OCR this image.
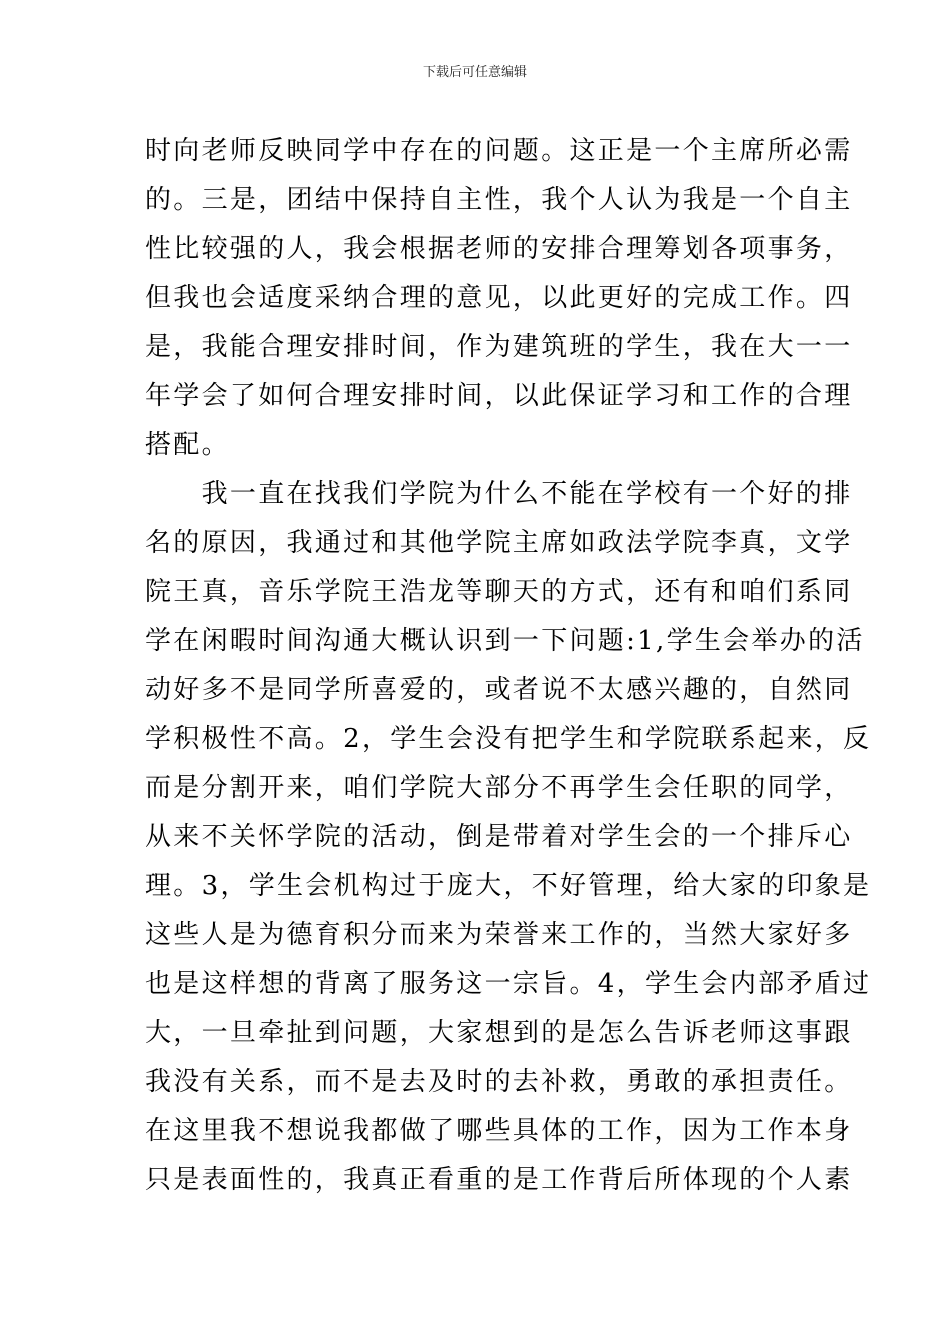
下载后可任意编辑
时向老师反映同学中存在的问题。这正是一个主席所必需
的。三是，团结中保持自主性，我个人认为我是一个自主
性比较强的人，我会根据老师的安排合理筹划各项事务，
但我也会适度采纳合理的意见，以此更好的完成工作。四
是，我能合理安排时间，作为建筑班的学生，我在大一一
年学会了如何合理安排时间，以此保证学习和工作的合理
搭配。
　　我一直在找我们学院为什么不能在学校有一个好的排
名的原因，我通过和其他学院主席如政法学院李真，文学
院王真，音乐学院王浩龙等聊天的方式，还有和咱们系同
学在闲暇时间沟通大概认识到一下问题:1,学生会举办的活
动好多不是同学所喜爱的，或者说不太感兴趣的，自然同
学积极性不高。2，学生会没有把学生和学院联系起来，反
而是分割开来，咱们学院大部分不再学生会任职的同学，
从来不关怀学院的活动，倒是带着对学生会的一个排斥心
理。3，学生会机构过于庞大，不好管理，给大家的印象是
这些人是为德育积分而来为荣誉来工作的，当然大家好多
也是这样想的背离了服务这一宗旨。4，学生会内部矛盾过
大，一旦牵扯到问题，大家想到的是怎么告诉老师这事跟
我没有关系，而不是去及时的去补救，勇敢的承担责任。
在这里我不想说我都做了哪些具体的工作，因为工作本身
只是表面性的，我真正看重的是工作背后所体现的个人素
